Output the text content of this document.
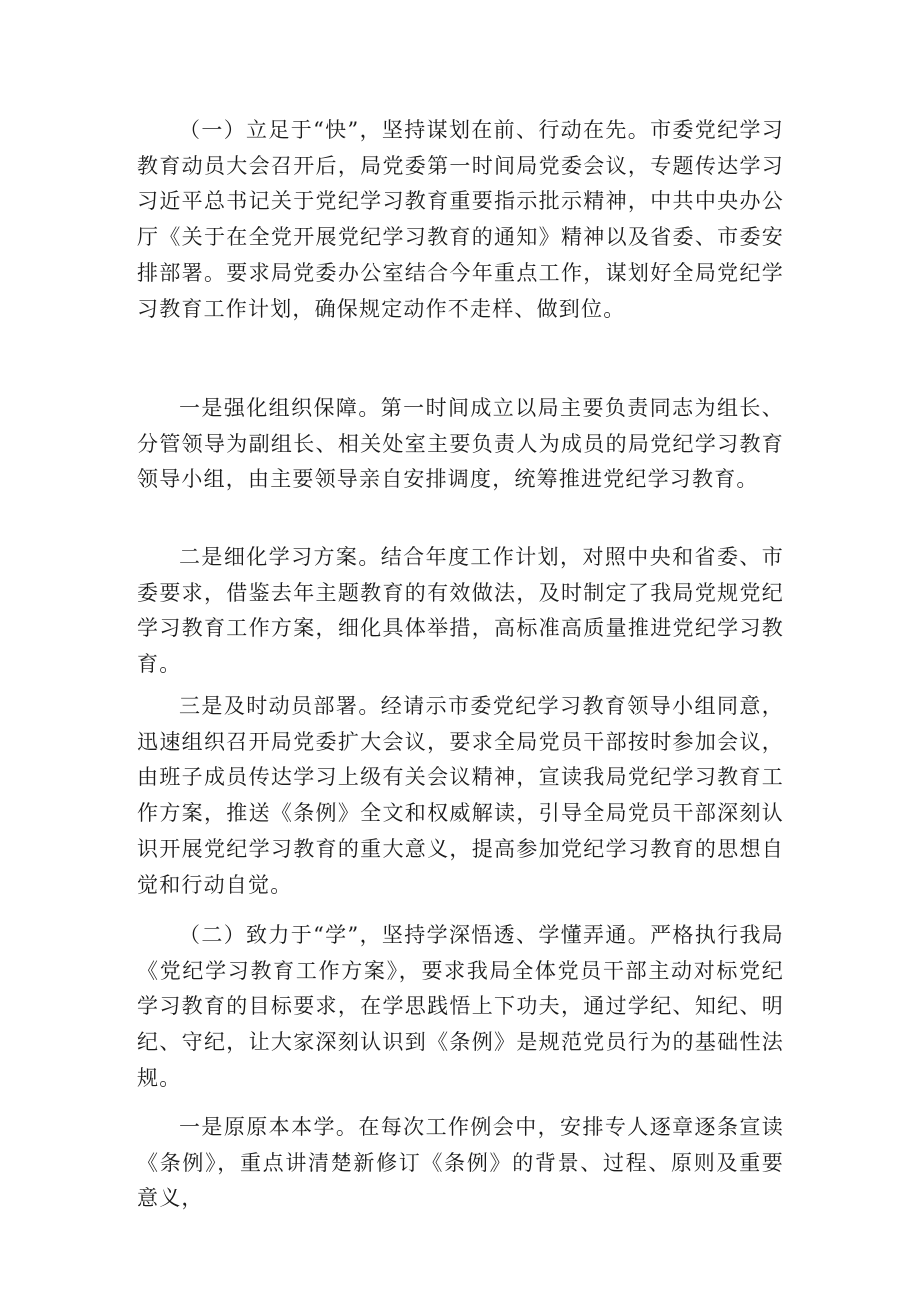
（一）立足于“快”，坚持谋划在前、行动在先。市委党纪学习教育动员大会召开后，局党委第一时间局党委会议，专题传达学习习近平总书记关于党纪学习教育重要指示批示精神，中共中央办公厅《关于在全党开展党纪学习教育的通知》精神以及省委、市委安排部署。要求局党委办公室结合今年重点工作，谋划好全局党纪学习教育工作计划，确保规定动作不走样、做到位。

一是强化组织保障。第一时间成立以局主要负责同志为组长、分管领导为副组长、相关处室主要负责人为成员的局党纪学习教育领导小组，由主要领导亲自安排调度，统筹推进党纪学习教育。

二是细化学习方案。结合年度工作计划，对照中央和省委、市委要求，借鉴去年主题教育的有效做法，及时制定了我局党规党纪学习教育工作方案，细化具体举措，高标准高质量推进党纪学习教育。

三是及时动员部署。经请示市委党纪学习教育领导小组同意，迅速组织召开局党委扩大会议，要求全局党员干部按时参加会议，由班子成员传达学习上级有关会议精神，宣读我局党纪学习教育工作方案，推送《条例》全文和权威解读，引导全局党员干部深刻认识开展党纪学习教育的重大意义，提高参加党纪学习教育的思想自觉和行动自觉。

（二）致力于“学”，坚持学深悟透、学懂弄通。严格执行我局《党纪学习教育工作方案》，要求我局全体党员干部主动对标党纪学习教育的目标要求，在学思践悟上下功夫，通过学纪、知纪、明纪、守纪，让大家深刻认识到《条例》是规范党员行为的基础性法规。

一是原原本本学。在每次工作例会中，安排专人逐章逐条宣读《条例》，重点讲清楚新修订《条例》的背景、过程、原则及重要意义，
